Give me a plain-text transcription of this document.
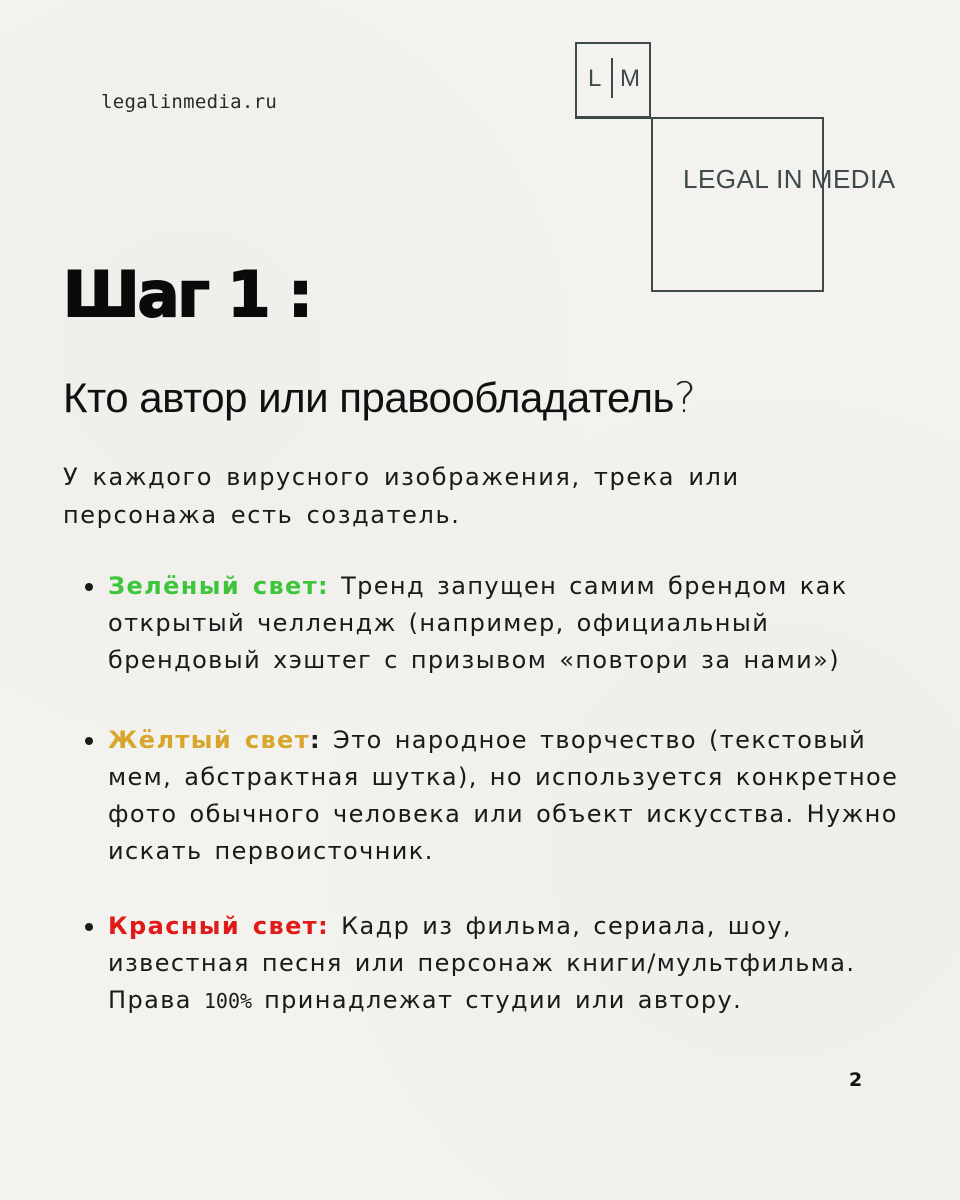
legalinmedia.ru
L M
LEGAL IN MEDIA
Шаг 1 :
Кто автор или правообладатель?

У каждого вирусного изображения, трека или персонажа есть создатель.

Зелёный свет: Тренд запущен самим брендом как открытый челлендж (например, официальный брендовый хэштег с призывом «повтори за нами»)
Жёлтый свет: Это народное творчество (текстовый мем, абстрактная шутка), но используется конкретное фото обычного человека или объект искусства. Нужно искать первоисточник.
Красный свет: Кадр из фильма, сериала, шоу, известная песня или персонаж книги/мультфильма. Права 100% принадлежат студии или автору.
2
